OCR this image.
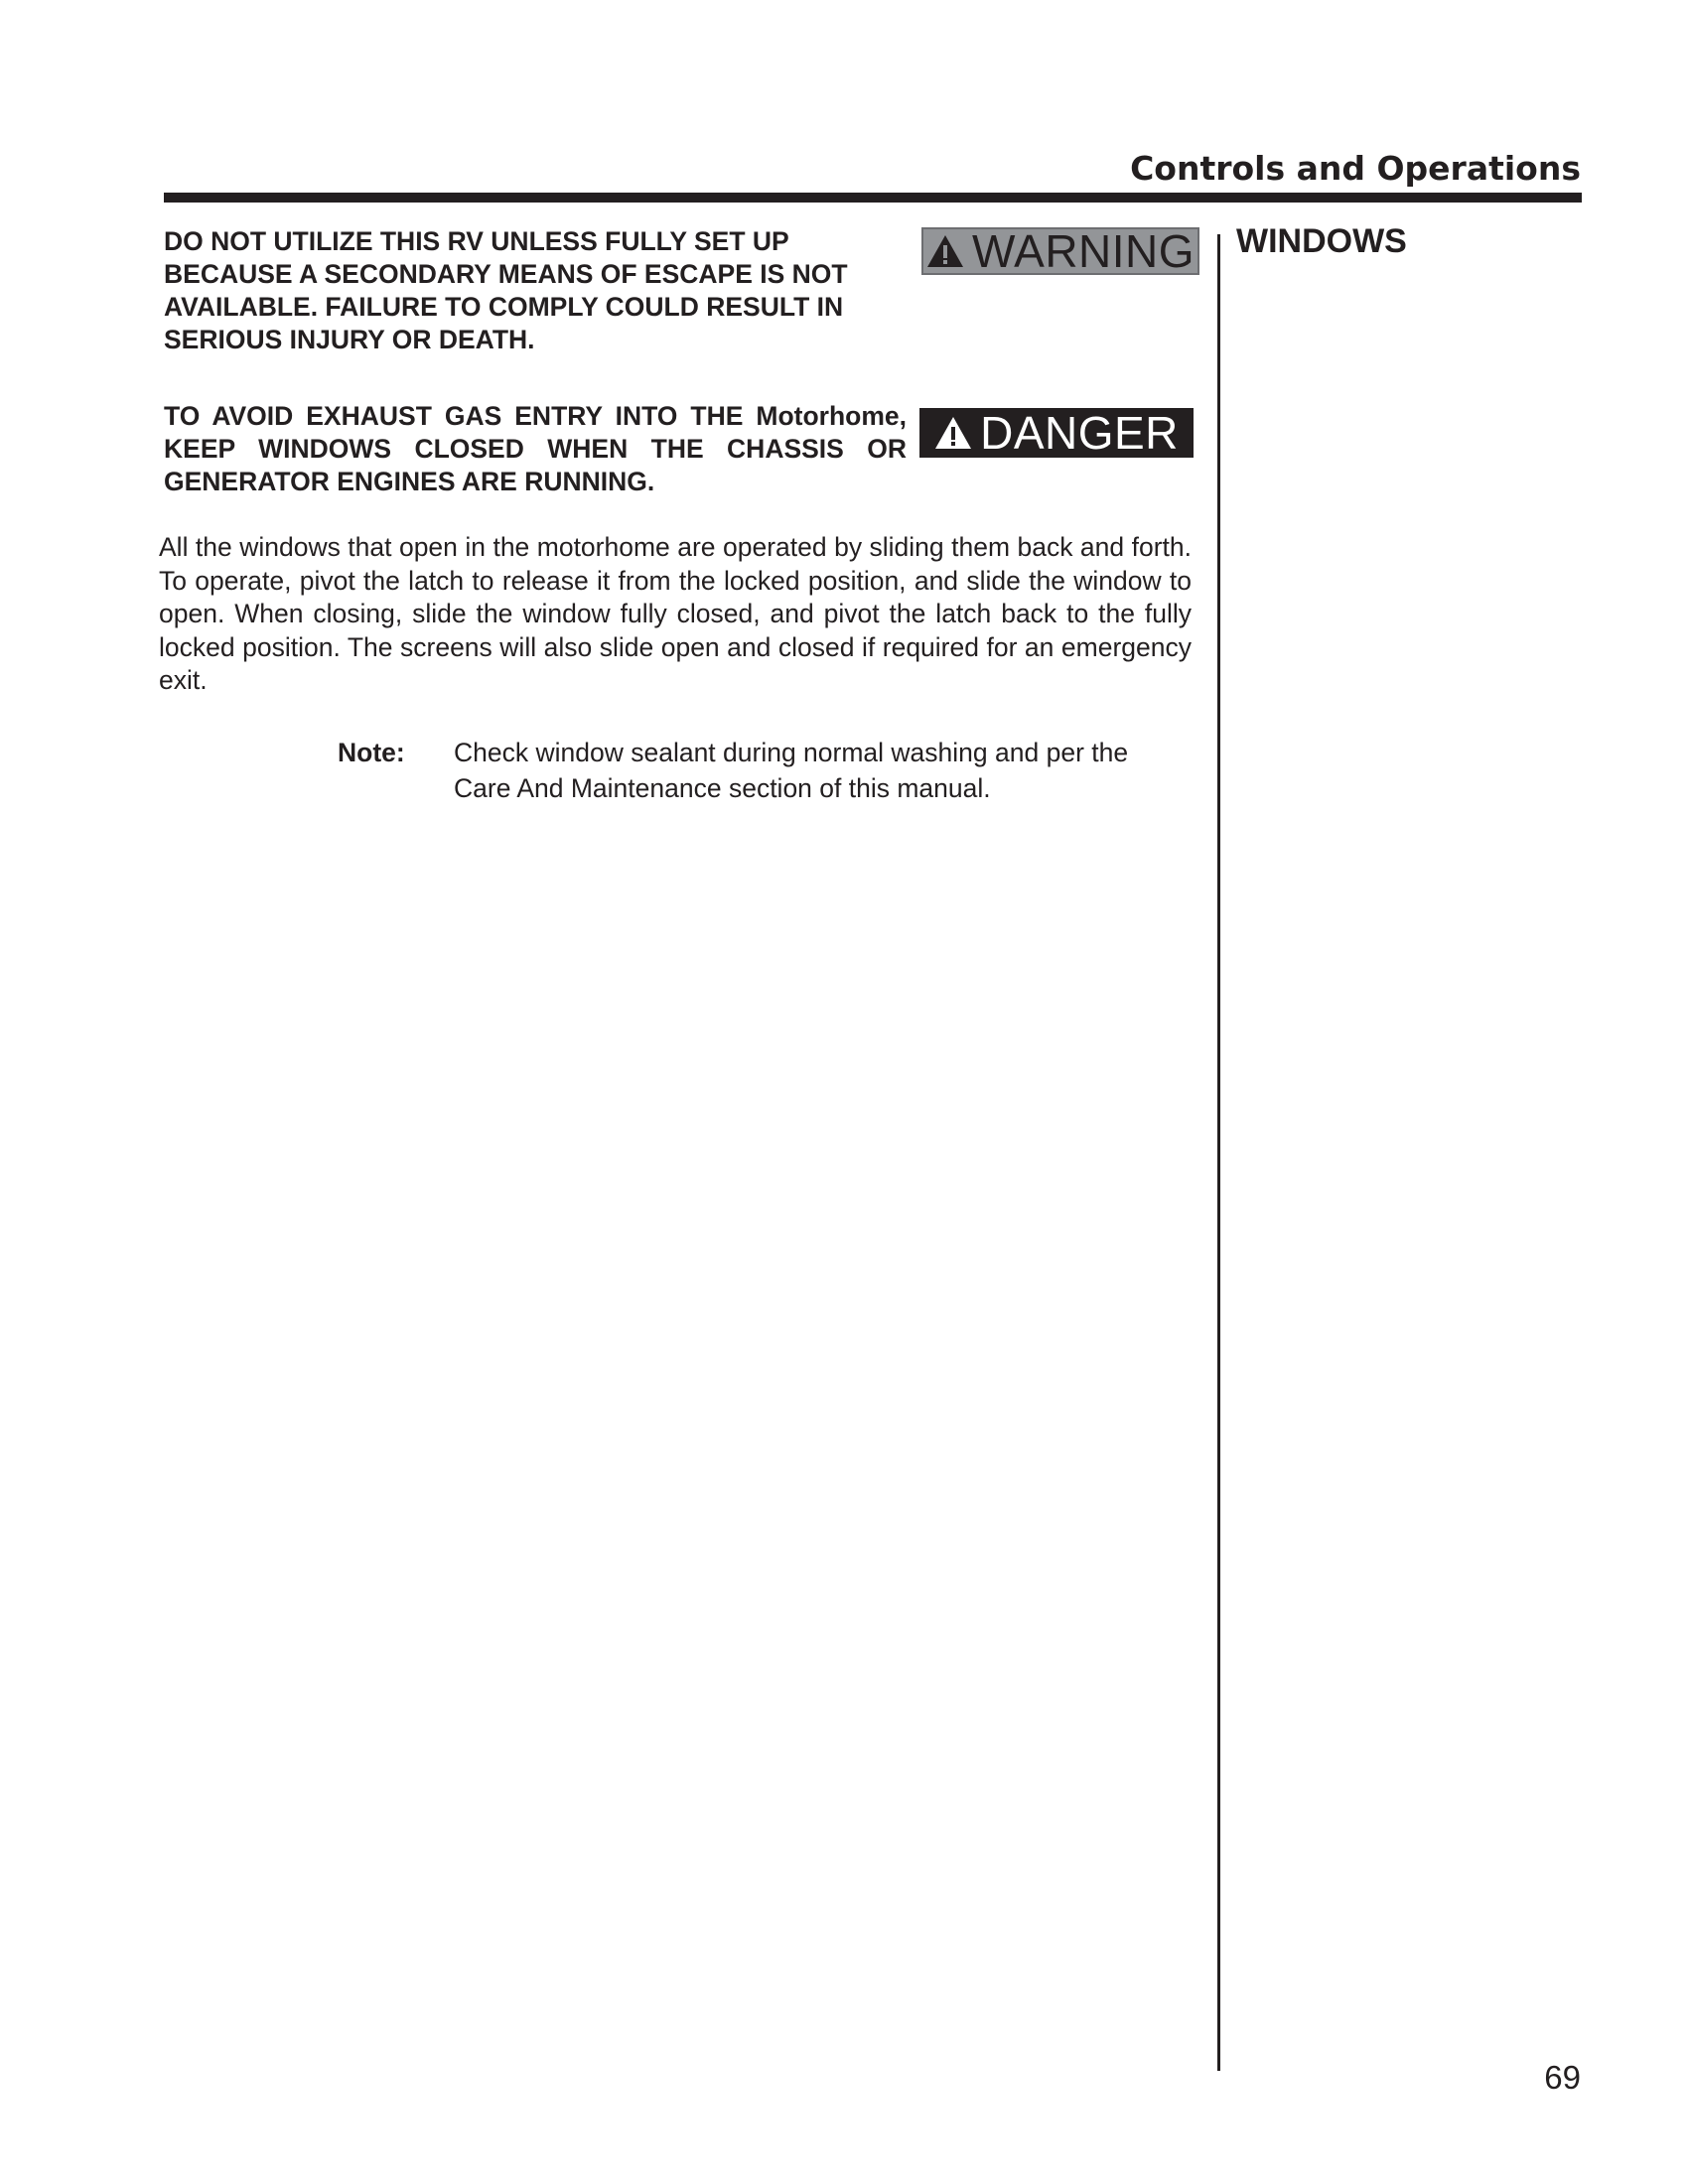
Controls and Operations
WINDOWS

DO NOT UTILIZE THIS RV UNLESS FULLY SET UP BECAUSE A SECONDARY MEANS OF ESCAPE IS NOT AVAILABLE. FAILURE TO COMPLY COULD RESULT IN SERIOUS INJURY OR DEATH.

WARNING

TO AVOID EXHAUST GAS ENTRY INTO THE Motorhome, KEEP WINDOWS CLOSED WHEN THE CHASSIS OR GENERATOR ENGINES ARE RUNNING.

DANGER

All the windows that open in the motorhome are operated by sliding them back and forth. To operate, pivot the latch to release it from the locked position, and slide the window to open. When closing, slide the window fully closed, and pivot the latch back to the fully locked position. The screens will also slide open and closed if required for an emergency exit.

Note: Check window sealant during normal washing and per the Care And Maintenance section of this manual.

69
